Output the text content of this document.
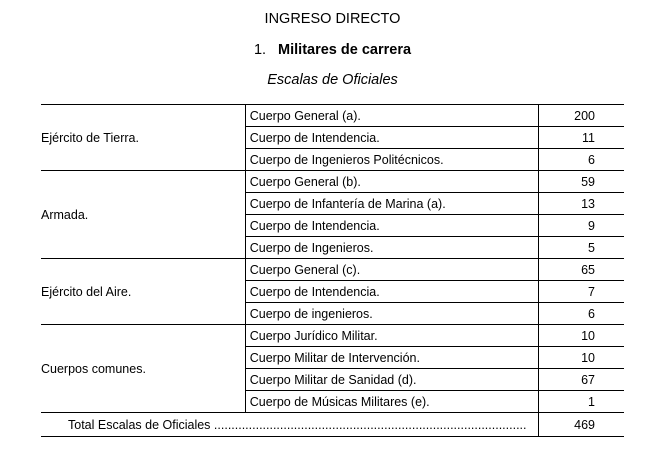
INGRESO DIRECTO
1. Militares de carrera
Escalas de Oficiales
Ejército de Tierra.	Cuerpo General (a).	200
	Cuerpo de Intendencia.	11
	Cuerpo de Ingenieros Politécnicos.	6
Armada.	Cuerpo General (b).	59
	Cuerpo de Infantería de Marina (a).	13
	Cuerpo de Intendencia.	9
	Cuerpo de Ingenieros.	5
Ejército del Aire.	Cuerpo General (c).	65
	Cuerpo de Intendencia.	7
	Cuerpo de ingenieros.	6
Cuerpos comunes.	Cuerpo Jurídico Militar.	10
	Cuerpo Militar de Intervención.	10
	Cuerpo Militar de Sanidad (d).	67
	Cuerpo de Músicas Militares (e).	1
Total Escalas de Oficiales ..........................................................................................		469
